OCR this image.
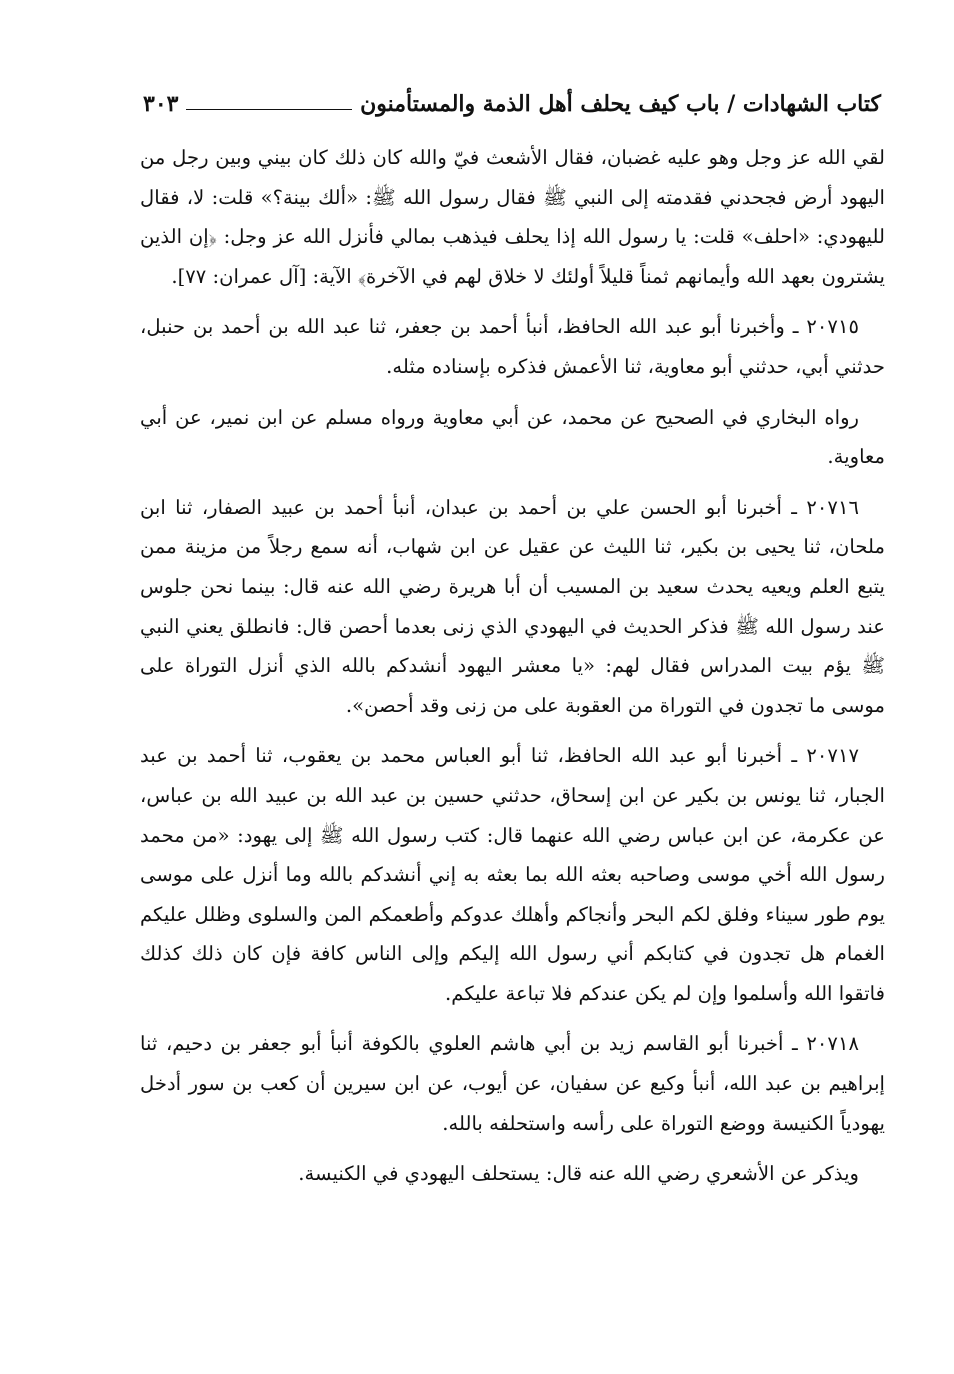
كتاب الشهادات / باب كيف يحلف أهل الذمة والمستأمنون
٣٠٣

لقي الله عز وجل وهو عليه غضبان، فقال الأشعث فيّ والله كان ذلك كان بيني وبين رجل من اليهود أرض فجحدني فقدمته إلى النبي ﷺ فقال رسول الله ﷺ: «ألك بينة؟» قلت: لا، فقال لليهودي: «احلف» قلت: يا رسول الله إذا يحلف فيذهب بمالي فأنزل الله عز وجل: ﴿إن الذين يشترون بعهد الله وأيمانهم ثمناً قليلاً أولئك لا خلاق لهم في الآخرة﴾ الآية: [آل عمران: ٧٧].

٢٠٧١٥ ـ وأخبرنا أبو عبد الله الحافظ، أنبأ أحمد بن جعفر، ثنا عبد الله بن أحمد بن حنبل، حدثني أبي، حدثني أبو معاوية، ثنا الأعمش فذكره بإسناده مثله.

رواه البخاري في الصحيح عن محمد، عن أبي معاوية ورواه مسلم عن ابن نمير، عن أبي معاوية.

٢٠٧١٦ ـ أخبرنا أبو الحسن علي بن أحمد بن عبدان، أنبأ أحمد بن عبيد الصفار، ثنا ابن ملحان، ثنا يحيى بن بكير، ثنا الليث عن عقيل عن ابن شهاب، أنه سمع رجلاً من مزينة ممن يتبع العلم ويعيه يحدث سعيد بن المسيب أن أبا هريرة رضي الله عنه قال: بينما نحن جلوس عند رسول الله ﷺ فذكر الحديث في اليهودي الذي زنى بعدما أحصن قال: فانطلق يعني النبي ﷺ يؤم بيت المدراس فقال لهم: «يا معشر اليهود أنشدكم بالله الذي أنزل التوراة على موسى ما تجدون في التوراة من العقوبة على من زنى وقد أحصن».

٢٠٧١٧ ـ أخبرنا أبو عبد الله الحافظ، ثنا أبو العباس محمد بن يعقوب، ثنا أحمد بن عبد الجبار، ثنا يونس بن بكير عن ابن إسحاق، حدثني حسين بن عبد الله بن عبيد الله بن عباس، عن عكرمة، عن ابن عباس رضي الله عنهما قال: كتب رسول الله ﷺ إلى يهود: «من محمد رسول الله أخي موسى وصاحبه بعثه الله بما بعثه به إني أنشدكم بالله وما أنزل على موسى يوم طور سيناء وفلق لكم البحر وأنجاكم وأهلك عدوكم وأطعمكم المن والسلوى وظلل عليكم الغمام هل تجدون في كتابكم أني رسول الله إليكم وإلى الناس كافة فإن كان ذلك كذلك فاتقوا الله وأسلموا وإن لم يكن عندكم فلا تباعة عليكم.

٢٠٧١٨ ـ أخبرنا أبو القاسم زيد بن أبي هاشم العلوي بالكوفة أنبأ أبو جعفر بن دحيم، ثنا إبراهيم بن عبد الله، أنبأ وكيع عن سفيان، عن أيوب، عن ابن سيرين أن كعب بن سور أدخل يهودياً الكنيسة ووضع التوراة على رأسه واستحلفه بالله.

ويذكر عن الأشعري رضي الله عنه قال: يستحلف اليهودي في الكنيسة.
